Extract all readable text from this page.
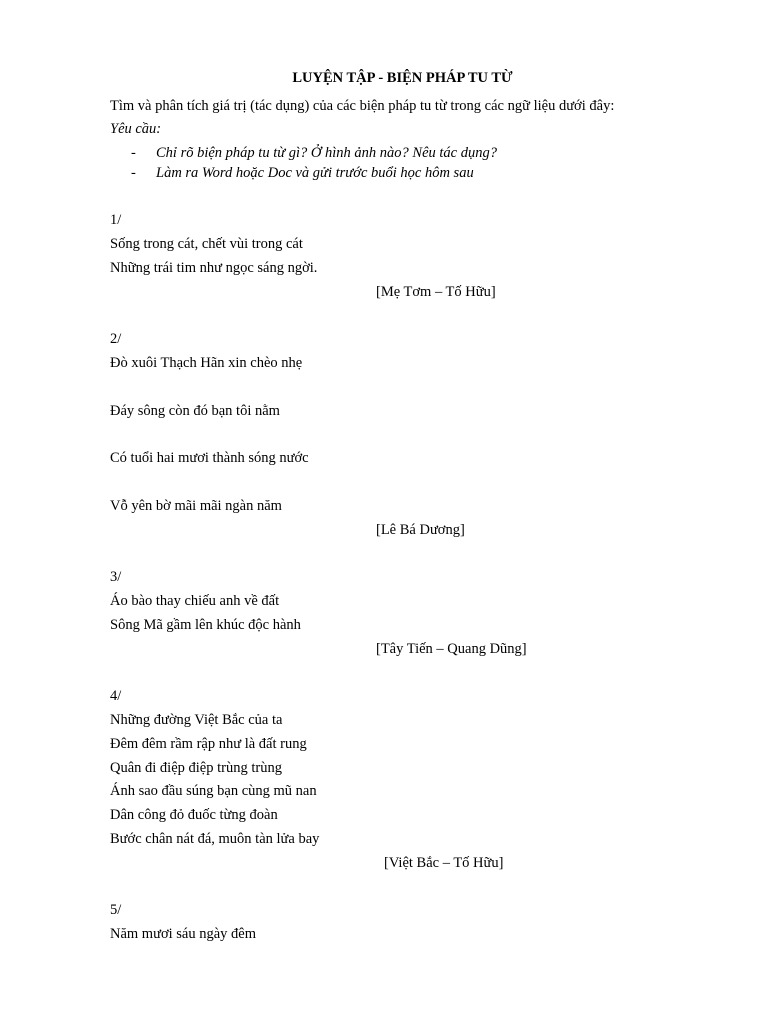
LUYỆN TẬP - BIỆN PHÁP TU TỪ
Tìm và phân tích giá trị (tác dụng) của các biện pháp tu từ trong các ngữ liệu dưới đây:
Yêu cầu:
- Chỉ rõ biện pháp tu từ gì? Ở hình ảnh nào? Nêu tác dụng?
- Làm ra Word hoặc Doc và gửi trước buổi học hôm sau
1/
Sống trong cát, chết vùi trong cát
Những trái tim như ngọc sáng ngời.
[Mẹ Tơm – Tố Hữu]
2/
Đò xuôi Thạch Hãn xin chèo nhẹ
Đáy sông còn đó bạn tôi nằm
Có tuổi hai mươi thành sóng nước
Vỗ yên bờ mãi mãi ngàn năm
[Lê Bá Dương]
3/
Áo bào thay chiếu anh về đất
Sông Mã gầm lên khúc độc hành
[Tây Tiến – Quang Dũng]
4/
Những đường Việt Bắc của ta
Đêm đêm rầm rập như là đất rung
Quân đi điệp điệp trùng trùng
Ánh sao đầu súng bạn cùng mũ nan
Dân công đỏ đuốc từng đoàn
Bước chân nát đá, muôn tàn lửa bay
[Việt Bắc – Tố Hữu]
5/
Năm mươi sáu ngày đêm
